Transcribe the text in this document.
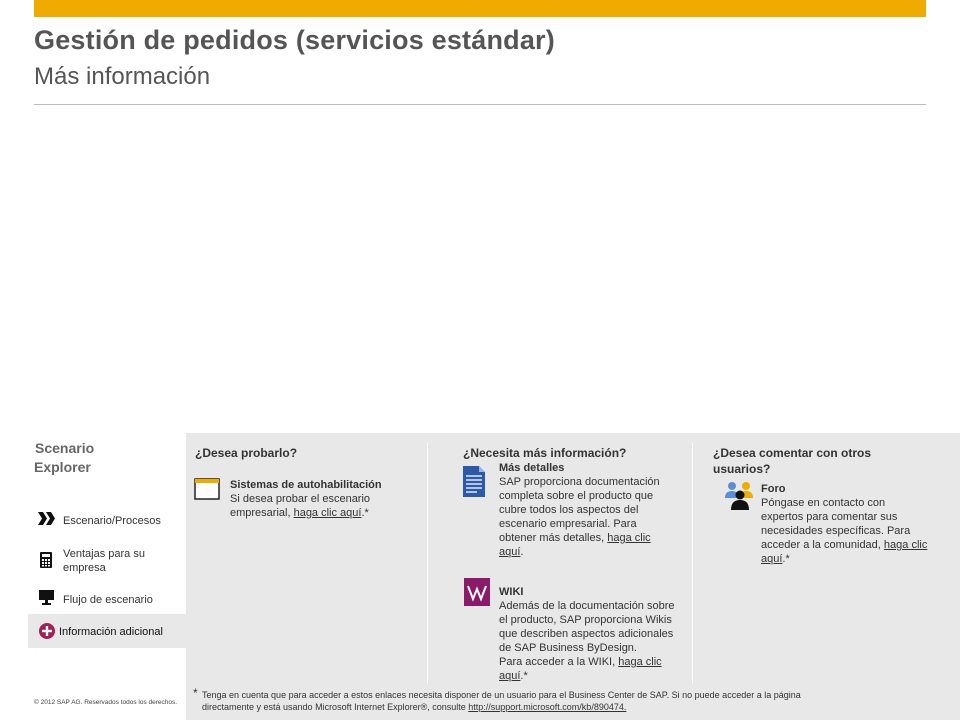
Gestión de pedidos (servicios estándar)
Más información
Scenario
Explorer
Escenario/Procesos
Ventajas para su
empresa
Flujo de escenario
Información adicional
¿Desea probarlo?
Sistemas de autohabilitación
Si desea probar el escenario
empresarial, haga clic aquí.*
¿Necesita más información?
Más detalles
SAP proporciona documentación
completa sobre el producto que
cubre todos los aspectos del
escenario empresarial. Para
obtener más detalles, haga clic
aquí.
WIKI
Además de la documentación sobre
el producto, SAP proporciona Wikis
que describen aspectos adicionales
de SAP Business ByDesign.
Para acceder a la WIKI, haga clic
aquí.*
¿Desea comentar con otros
usuarios?
Foro
Póngase en contacto con
expertos para comentar sus
necesidades específicas. Para
acceder a la comunidad, haga clic
aquí.*
* Tenga en cuenta que para acceder a estos enlaces necesita disponer de un usuario para el Business Center de SAP. Si no puede acceder a la página
directamente y está usando Microsoft Internet Explorer®, consulte http://support.microsoft.com/kb/890474.
© 2012 SAP AG. Reservados todos los derechos.
